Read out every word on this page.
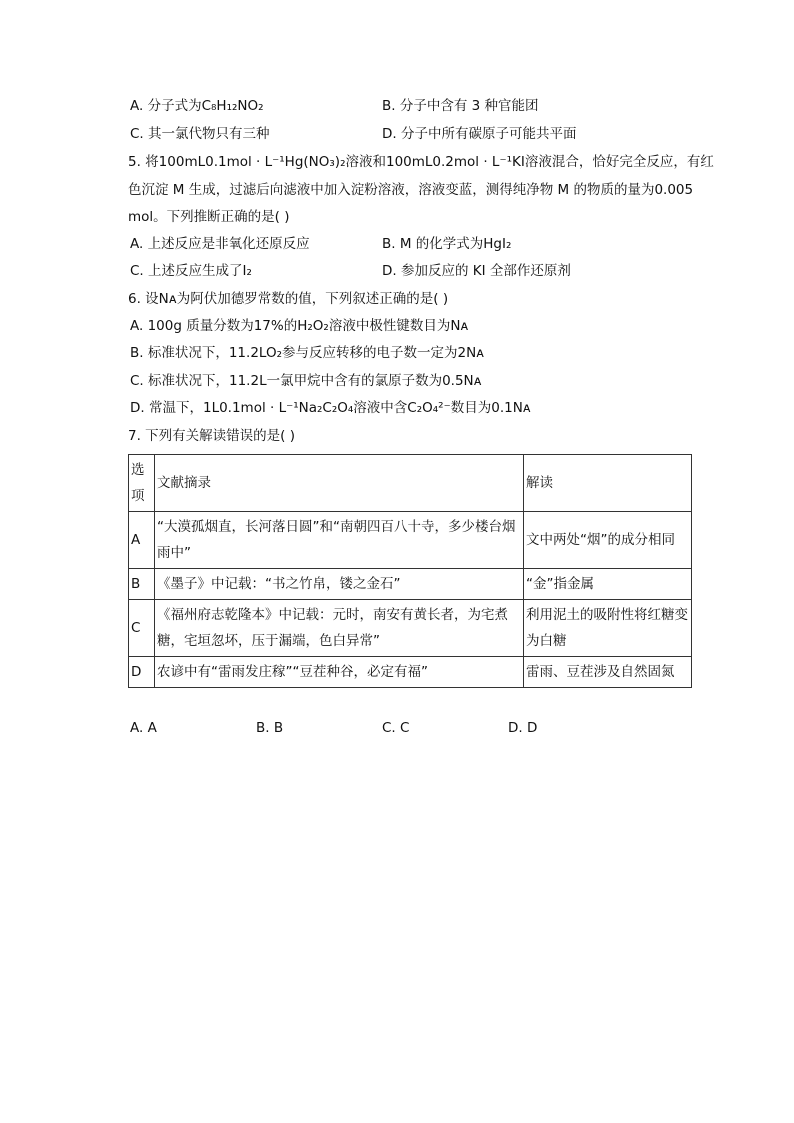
A. 分子式为C₈H₁₂NO₂	B. 分子中含有 3 种官能团
C. 其一氯代物只有三种	D. 分子中所有碳原子可能共平面
5. 将100mL0.1mol · L⁻¹Hg(NO₃)₂溶液和100mL0.2mol · L⁻¹KI溶液混合，恰好完全反应，有红
色沉淀 M 生成，过滤后向滤液中加入淀粉溶液，溶液变蓝，测得纯净物 M 的物质的量为0.005
mol。下列推断正确的是( )
A. 上述反应是非氧化还原反应	B. M 的化学式为HgI₂
C. 上述反应生成了I₂	D. 参加反应的 KI 全部作还原剂
6. 设Nᴀ为阿伏加德罗常数的值，下列叙述正确的是( )
A. 100g 质量分数为17%的H₂O₂溶液中极性键数目为Nᴀ
B. 标准状况下，11.2LO₂参与反应转移的电子数一定为2Nᴀ
C. 标准状况下，11.2L一氯甲烷中含有的氯原子数为0.5Nᴀ
D. 常温下，1L0.1mol · L⁻¹Na₂C₂O₄溶液中含C₂O₄²⁻数目为0.1Nᴀ
7. 下列有关解读错误的是( )
选项	文献摘录	解读
A	“大漠孤烟直，长河落日圆”和“南朝四百八十寺，多少楼台烟雨中”	文中两处“烟”的成分相同
B	《墨子》中记载：“书之竹帛，镂之金石”	“金”指金属
C	《福州府志乾隆本》中记载：元时，南安有黄长者，为宅煮糖，宅垣忽坏，压于漏端，色白异常”	利用泥土的吸附性将红糖变为白糖
D	农谚中有“雷雨发庄稼”“豆茬种谷，必定有福”	雷雨、豆茬涉及自然固氮
A. A	B. B	C. C	D. D
